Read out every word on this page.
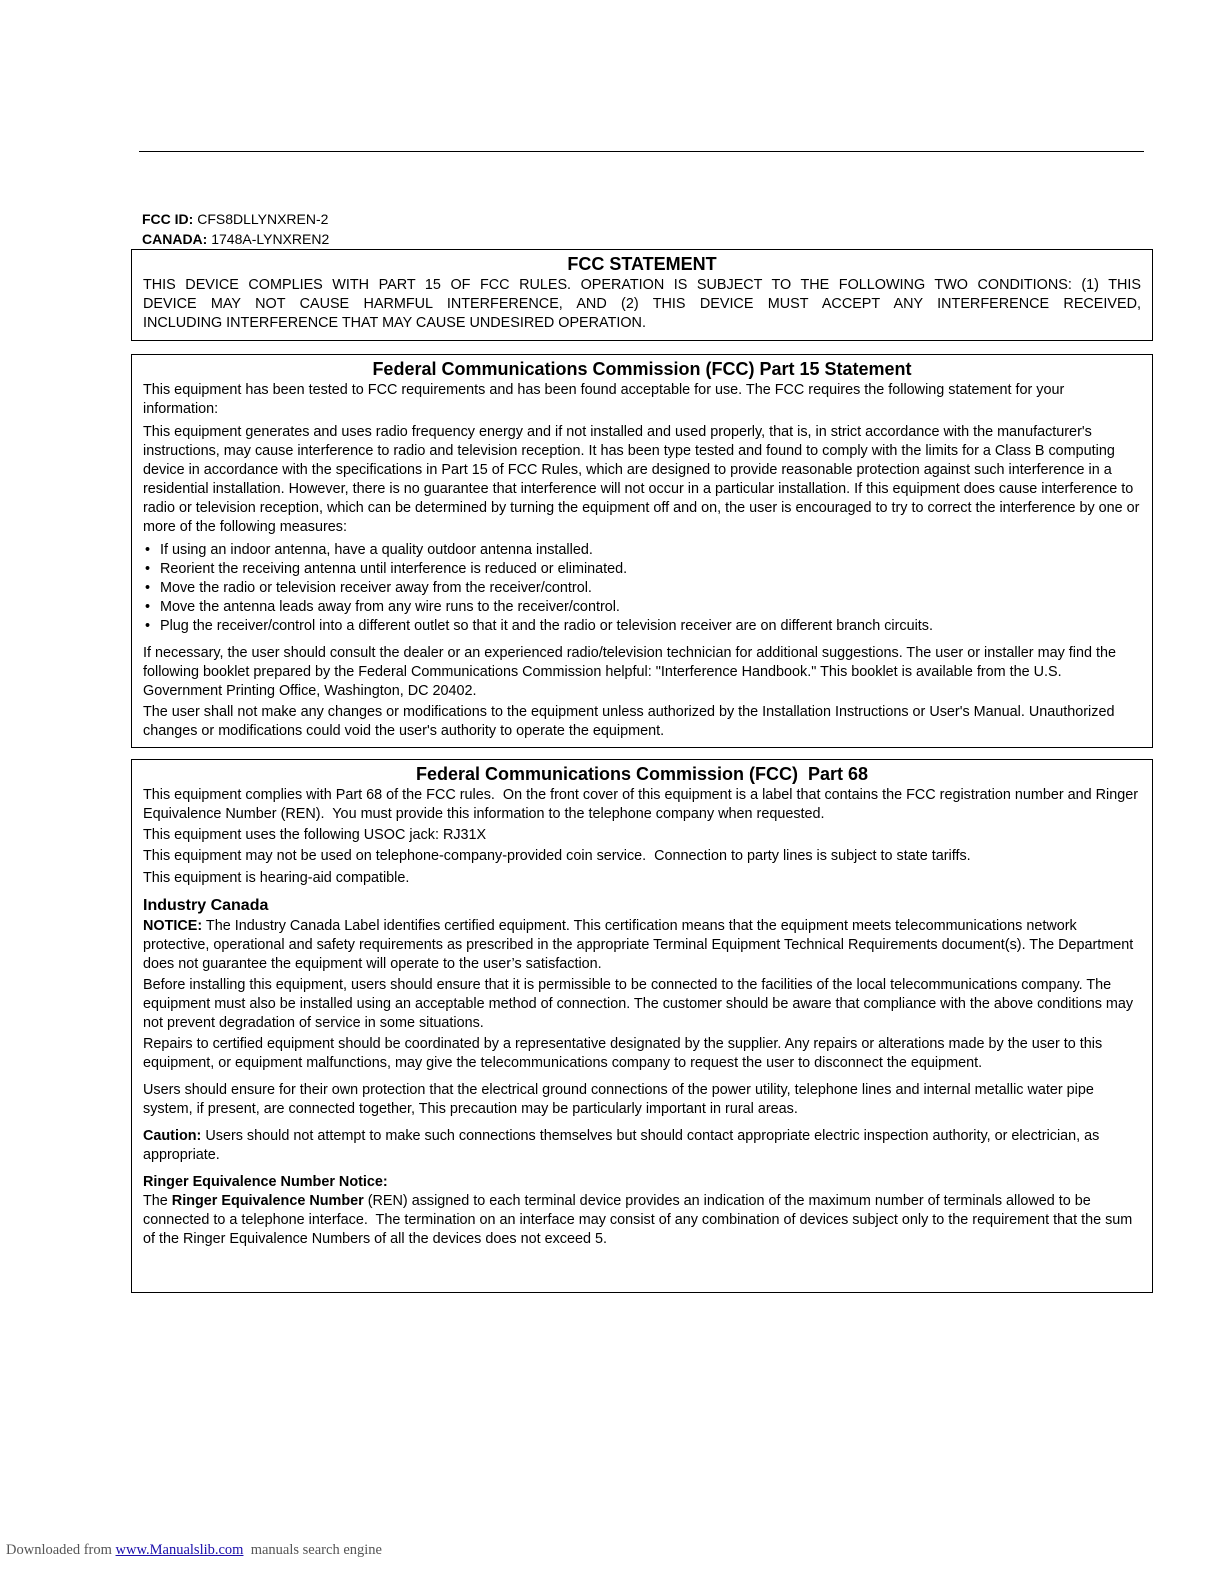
FCC ID: CFS8DLLYNXREN-2
CANADA: 1748A-LYNXREN2
FCC STATEMENT

THIS DEVICE COMPLIES WITH PART 15 OF FCC RULES. OPERATION IS SUBJECT TO THE FOLLOWING TWO CONDITIONS: (1) THIS

DEVICE MAY NOT CAUSE HARMFUL INTERFERENCE, AND (2) THIS DEVICE MUST ACCEPT ANY INTERFERENCE RECEIVED,

INCLUDING INTERFERENCE THAT MAY CAUSE UNDESIRED OPERATION.

Federal Communications Commission (FCC) Part 15 Statement

This equipment has been tested to FCC requirements and has been found acceptable for use. The FCC requires the following statement for your information:

This equipment generates and uses radio frequency energy and if not installed and used properly, that is, in strict accordance with the manufacturer's instructions, may cause interference to radio and television reception. It has been type tested and found to comply with the limits for a Class B computing device in accordance with the specifications in Part 15 of FCC Rules, which are designed to provide reasonable protection against such interference in a residential installation. However, there is no guarantee that interference will not occur in a particular installation. If this equipment does cause interference to radio or television reception, which can be determined by turning the equipment off and on, the user is encouraged to try to correct the interference by one or more of the following measures:

• If using an indoor antenna, have a quality outdoor antenna installed.
• Reorient the receiving antenna until interference is reduced or eliminated.
• Move the radio or television receiver away from the receiver/control.
• Move the antenna leads away from any wire runs to the receiver/control.
• Plug the receiver/control into a different outlet so that it and the radio or television receiver are on different branch circuits.

If necessary, the user should consult the dealer or an experienced radio/television technician for additional suggestions. The user or installer may find the following booklet prepared by the Federal Communications Commission helpful: "Interference Handbook." This booklet is available from the U.S. Government Printing Office, Washington, DC 20402.

The user shall not make any changes or modifications to the equipment unless authorized by the Installation Instructions or User's Manual. Unauthorized changes or modifications could void the user's authority to operate the equipment.

Federal Communications Commission (FCC)  Part 68

This equipment complies with Part 68 of the FCC rules.  On the front cover of this equipment is a label that contains the FCC registration number and Ringer Equivalence Number (REN).  You must provide this information to the telephone company when requested.

This equipment uses the following USOC jack: RJ31X

This equipment may not be used on telephone-company-provided coin service.  Connection to party lines is subject to state tariffs.

This equipment is hearing-aid compatible.

Industry Canada

NOTICE: The Industry Canada Label identifies certified equipment. This certification means that the equipment meets telecommunications network protective, operational and safety requirements as prescribed in the appropriate Terminal Equipment Technical Requirements document(s). The Department does not guarantee the equipment will operate to the user’s satisfaction.

Before installing this equipment, users should ensure that it is permissible to be connected to the facilities of the local telecommunications company. The equipment must also be installed using an acceptable method of connection. The customer should be aware that compliance with the above conditions may not prevent degradation of service in some situations.

Repairs to certified equipment should be coordinated by a representative designated by the supplier. Any repairs or alterations made by the user to this equipment, or equipment malfunctions, may give the telecommunications company to request the user to disconnect the equipment.

Users should ensure for their own protection that the electrical ground connections of the power utility, telephone lines and internal metallic water pipe system, if present, are connected together, This precaution may be particularly important in rural areas.

Caution: Users should not attempt to make such connections themselves but should contact appropriate electric inspection authority, or electrician, as appropriate.

Ringer Equivalence Number Notice:

The Ringer Equivalence Number (REN) assigned to each terminal device provides an indication of the maximum number of terminals allowed to be connected to a telephone interface.  The termination on an interface may consist of any combination of devices subject only to the requirement that the sum of the Ringer Equivalence Numbers of all the devices does not exceed 5.

Downloaded from www.Manualslib.com  manuals search engine
